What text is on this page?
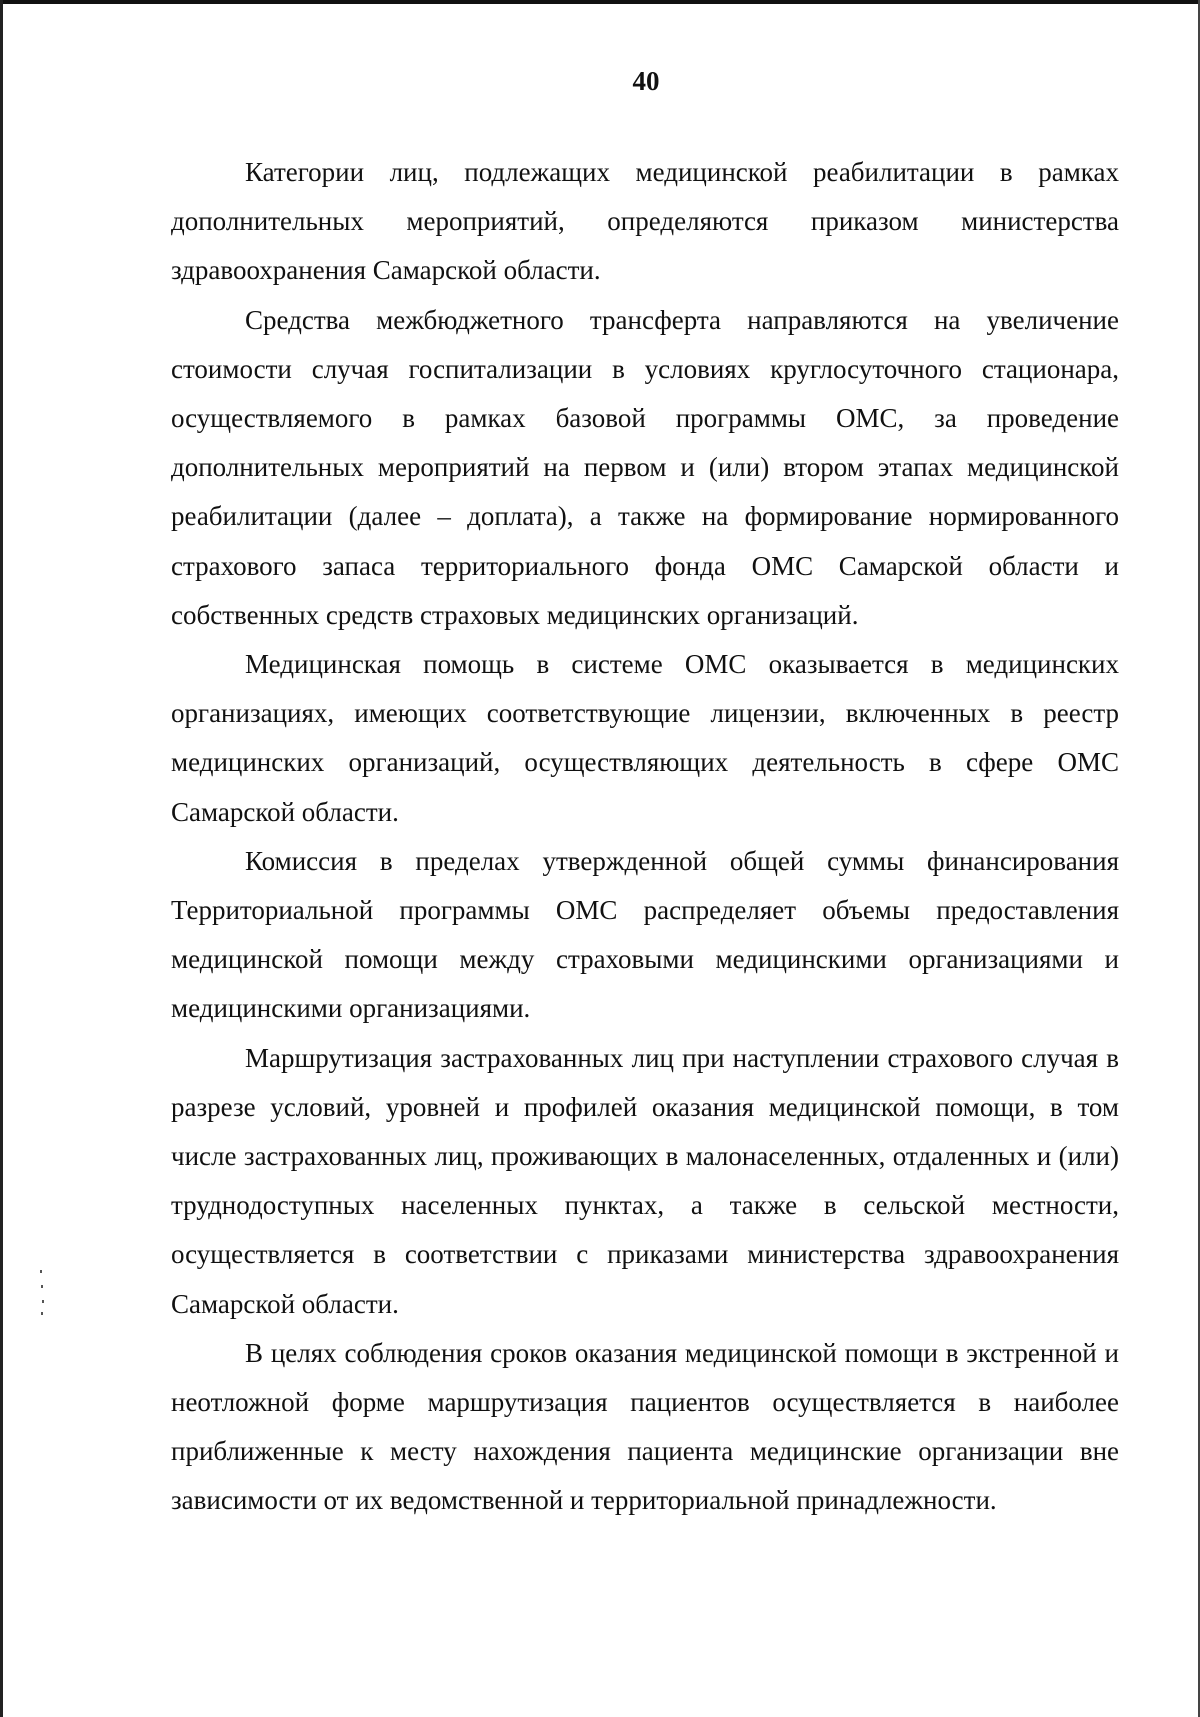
40

Категории лиц, подлежащих медицинской реабилитации в рамках дополнительных мероприятий, определяются приказом министерства здравоохранения Самарской области.

Средства межбюджетного трансферта направляются на увеличение стоимости случая госпитализации в условиях круглосуточного стационара, осуществляемого в рамках базовой программы ОМС, за проведение дополнительных мероприятий на первом и (или) втором этапах медицинской реабилитации (далее – доплата), а также на формирование нормированного страхового запаса территориального фонда ОМС Самарской области и собственных средств страховых медицинских организаций.

Медицинская помощь в системе ОМС оказывается в медицинских организациях, имеющих соответствующие лицензии, включенных в реестр медицинских организаций, осуществляющих деятельность в сфере ОМС Самарской области.

Комиссия в пределах утвержденной общей суммы финансирования Территориальной программы ОМС распределяет объемы предоставления медицинской помощи между страховыми медицинскими организациями и медицинскими организациями.

Маршрутизация застрахованных лиц при наступлении страхового случая в разрезе условий, уровней и профилей оказания медицинской помощи, в том числе застрахованных лиц, проживающих в малонаселенных, отдаленных и (или) труднодоступных населенных пунктах, а также в сельской местности, осуществляется в соответствии с приказами министерства здравоохранения Самарской области.

В целях соблюдения сроков оказания медицинской помощи в экстренной и неотложной форме маршрутизация пациентов осуществляется в наиболее приближенные к месту нахождения пациента медицинские организации вне зависимости от их ведомственной и территориальной принадлежности.
